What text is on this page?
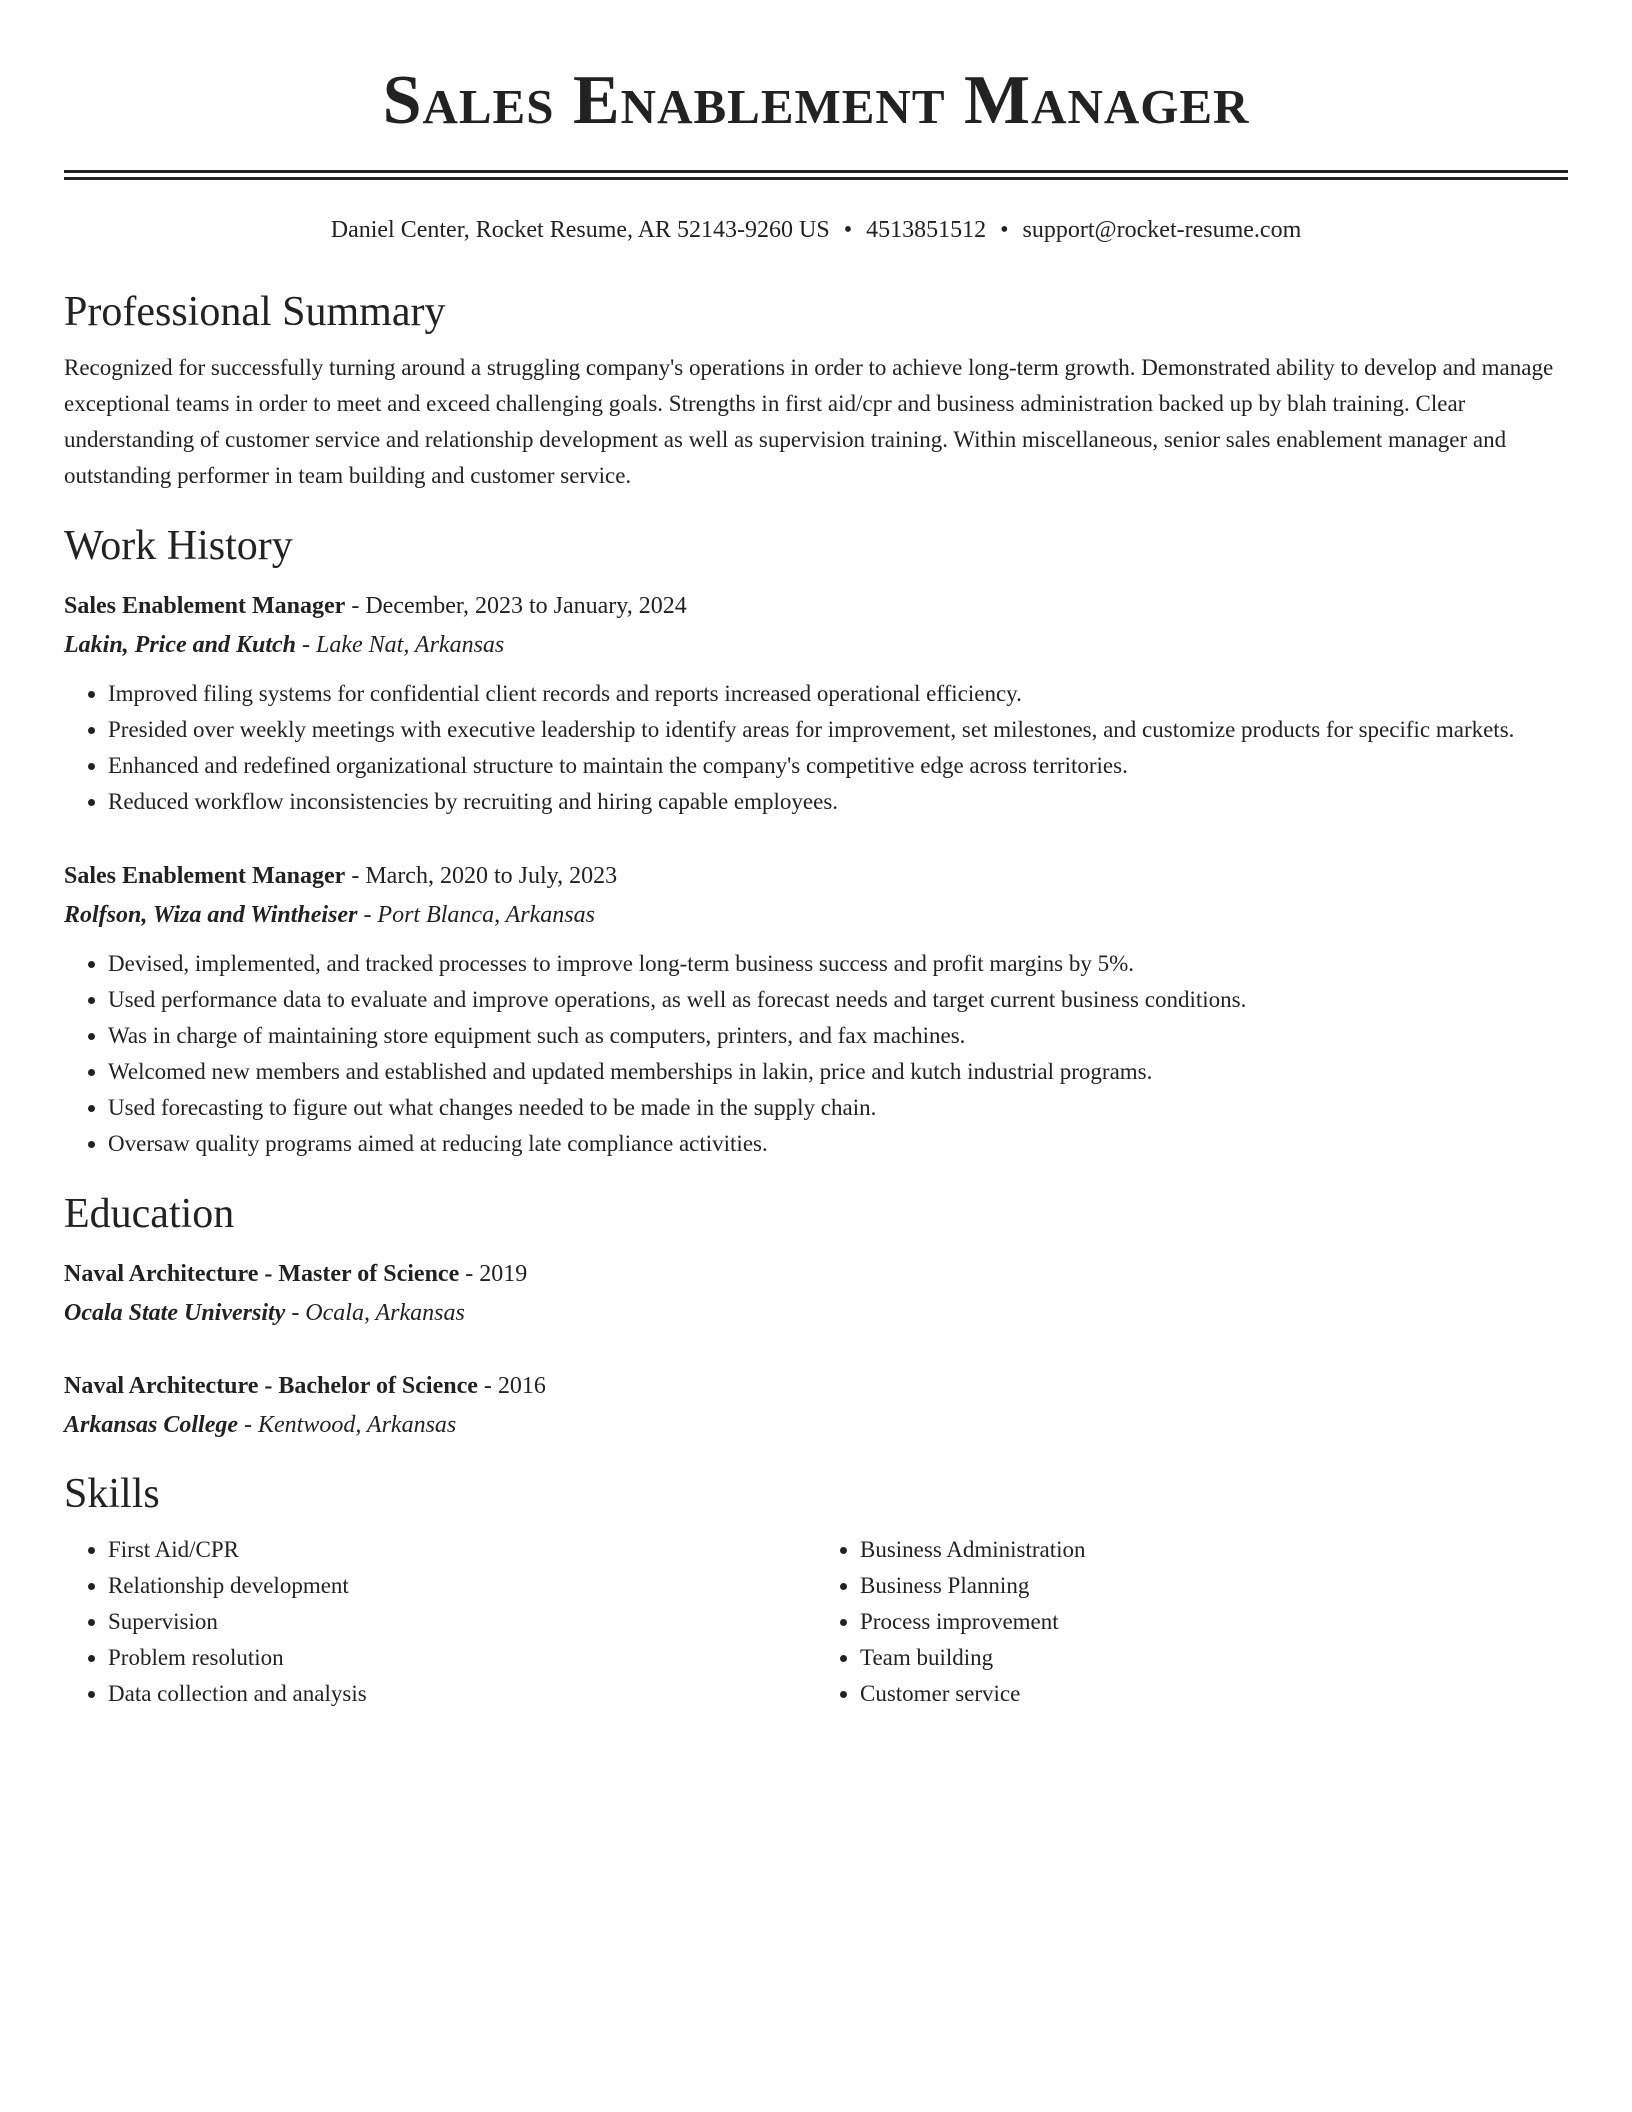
Sales Enablement Manager
Daniel Center, Rocket Resume, AR 52143-9260 US • 4513851512 • support@rocket-resume.com
Professional Summary
Recognized for successfully turning around a struggling company's operations in order to achieve long-term growth. Demonstrated ability to develop and manage exceptional teams in order to meet and exceed challenging goals. Strengths in first aid/cpr and business administration backed up by blah training. Clear understanding of customer service and relationship development as well as supervision training. Within miscellaneous, senior sales enablement manager and outstanding performer in team building and customer service.
Work History
Sales Enablement Manager - December, 2023 to January, 2024
Lakin, Price and Kutch - Lake Nat, Arkansas
• Improved filing systems for confidential client records and reports increased operational efficiency.
• Presided over weekly meetings with executive leadership to identify areas for improvement, set milestones, and customize products for specific markets.
• Enhanced and redefined organizational structure to maintain the company's competitive edge across territories.
• Reduced workflow inconsistencies by recruiting and hiring capable employees.
Sales Enablement Manager - March, 2020 to July, 2023
Rolfson, Wiza and Wintheiser - Port Blanca, Arkansas
• Devised, implemented, and tracked processes to improve long-term business success and profit margins by 5%.
• Used performance data to evaluate and improve operations, as well as forecast needs and target current business conditions.
• Was in charge of maintaining store equipment such as computers, printers, and fax machines.
• Welcomed new members and established and updated memberships in lakin, price and kutch industrial programs.
• Used forecasting to figure out what changes needed to be made in the supply chain.
• Oversaw quality programs aimed at reducing late compliance activities.
Education
Naval Architecture - Master of Science - 2019
Ocala State University - Ocala, Arkansas
Naval Architecture - Bachelor of Science - 2016
Arkansas College - Kentwood, Arkansas
Skills
• First Aid/CPR
• Relationship development
• Supervision
• Problem resolution
• Data collection and analysis
• Business Administration
• Business Planning
• Process improvement
• Team building
• Customer service
